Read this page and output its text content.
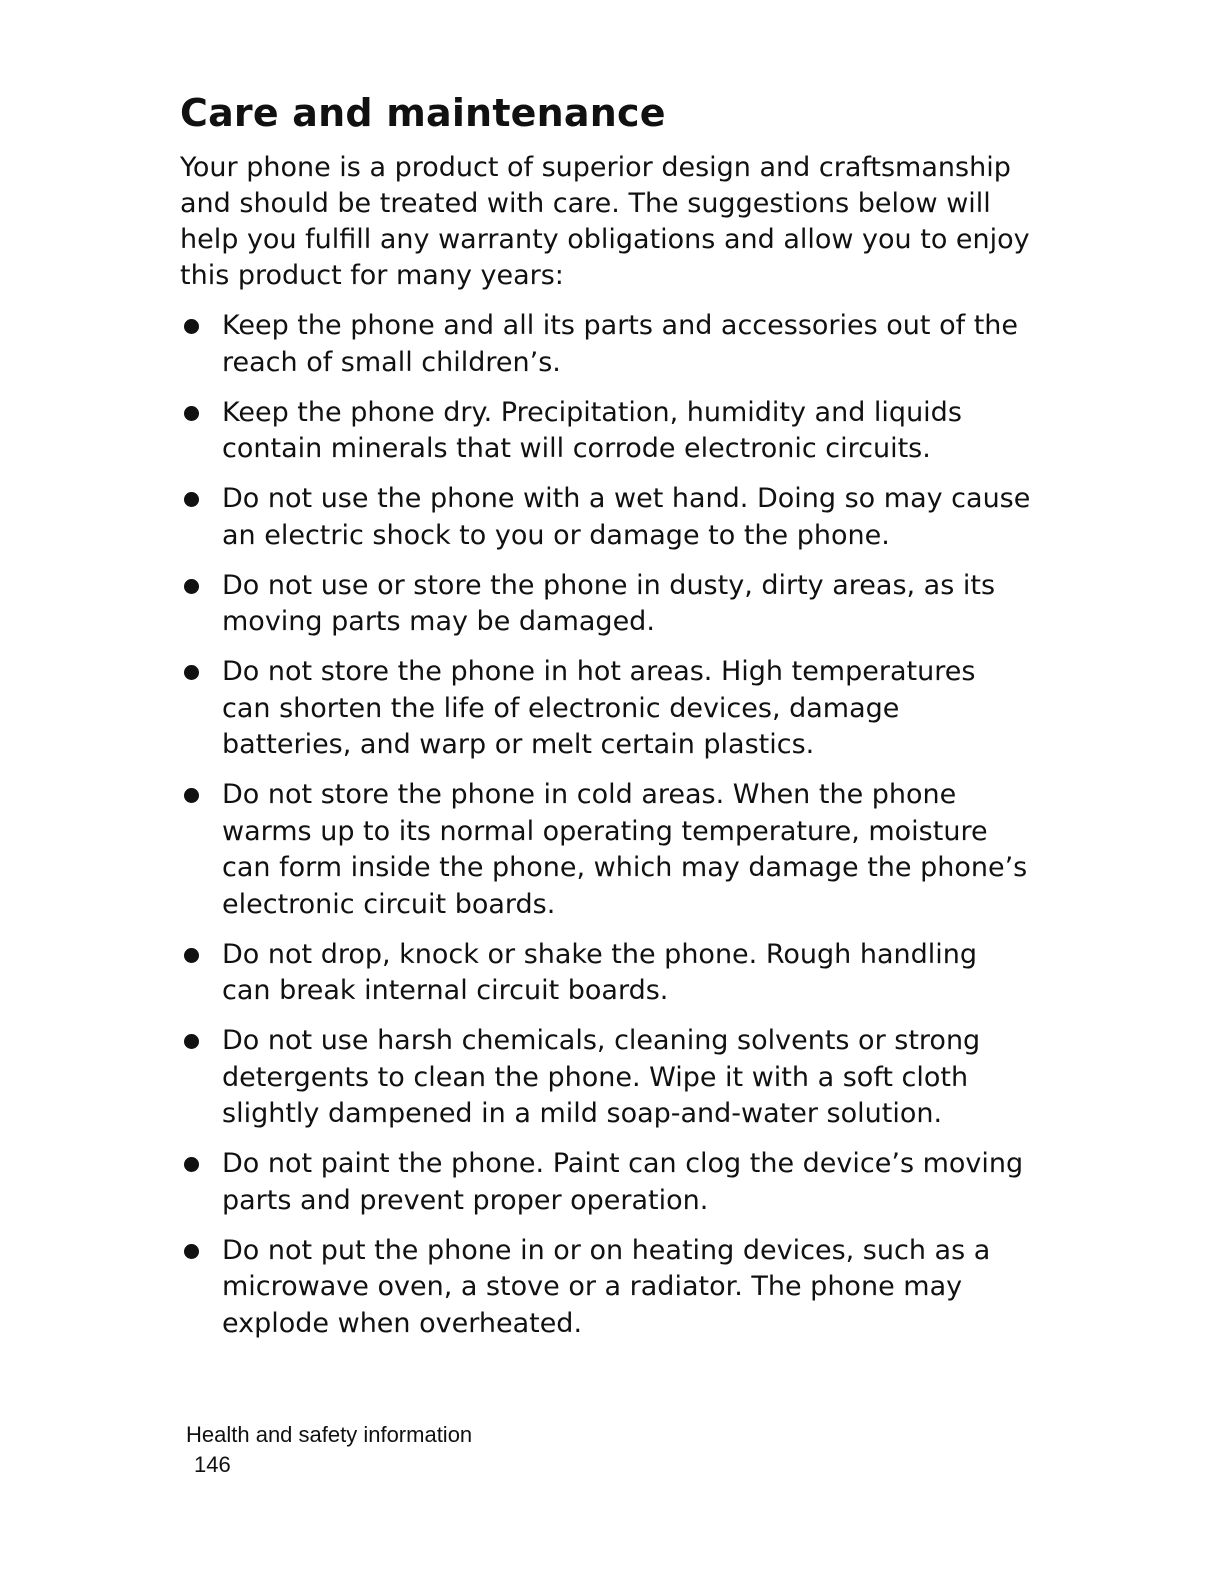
Care and maintenance

Your phone is a product of superior design and craftsmanship and should be treated with care. The suggestions below will help you fulfill any warranty obligations and allow you to enjoy this product for many years:

Keep the phone and all its parts and accessories out of the reach of small children’s.
Keep the phone dry. Precipitation, humidity and liquids contain minerals that will corrode electronic circuits.
Do not use the phone with a wet hand. Doing so may cause an electric shock to you or damage to the phone.
Do not use or store the phone in dusty, dirty areas, as its moving parts may be damaged.
Do not store the phone in hot areas. High temperatures can shorten the life of electronic devices, damage batteries, and warp or melt certain plastics.
Do not store the phone in cold areas. When the phone warms up to its normal operating temperature, moisture can form inside the phone, which may damage the phone’s electronic circuit boards.
Do not drop, knock or shake the phone. Rough handling can break internal circuit boards.
Do not use harsh chemicals, cleaning solvents or strong detergents to clean the phone. Wipe it with a soft cloth slightly dampened in a mild soap-and-water solution.
Do not paint the phone. Paint can clog the device’s moving parts and prevent proper operation.
Do not put the phone in or on heating devices, such as a microwave oven, a stove or a radiator. The phone may explode when overheated.
Health and safety information
146
